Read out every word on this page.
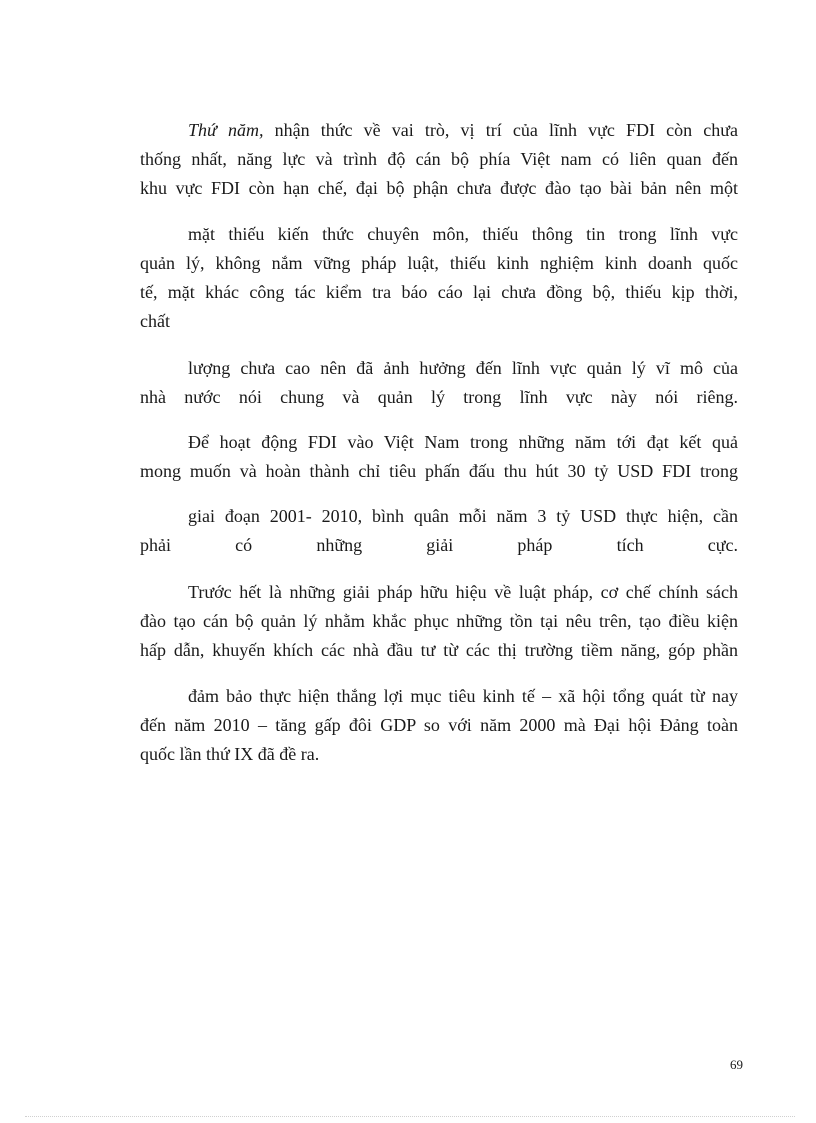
Thứ năm, nhận thức về vai trò, vị trí của lĩnh vực FDI còn chưa
thống nhất, năng lực và trình độ cán bộ phía Việt nam có liên quan đến
khu vực FDI còn hạn chế, đại bộ phận chưa được đào tạo bài bản nên một

mặt thiếu kiến thức chuyên môn, thiếu thông tin trong lĩnh vực
quản lý, không nắm vững pháp luật, thiếu kinh nghiệm kinh doanh quốc
tế, mặt khác công tác kiểm tra báo cáo lại chưa đồng bộ, thiếu kịp thời,
chất

lượng chưa cao nên đã ảnh hưởng đến lĩnh vực quản lý vĩ mô của
nhà nước nói chung và quản lý trong lĩnh vực này nói riêng.

Để hoạt động FDI vào Việt Nam trong những năm tới đạt kết quả
mong muốn và hoàn thành chỉ tiêu phấn đấu thu hút 30 tỷ USD FDI trong

giai đoạn 2001- 2010, bình quân mỗi năm 3 tỷ USD thực hiện, cần
phải có những giải pháp tích cực.

Trước hết là những giải pháp hữu hiệu về luật pháp, cơ chế chính sách
đào tạo cán bộ quản lý nhằm khắc phục những tồn tại nêu trên, tạo điều kiện
hấp dẫn, khuyến khích các nhà đầu tư từ các thị trường tiềm năng, góp phần

đảm bảo thực hiện thắng lợi mục tiêu kinh tế – xã hội tổng quát từ nay
đến năm 2010 – tăng gấp đôi GDP so với năm 2000 mà Đại hội Đảng toàn
quốc lần thứ IX đã đề ra.

69
